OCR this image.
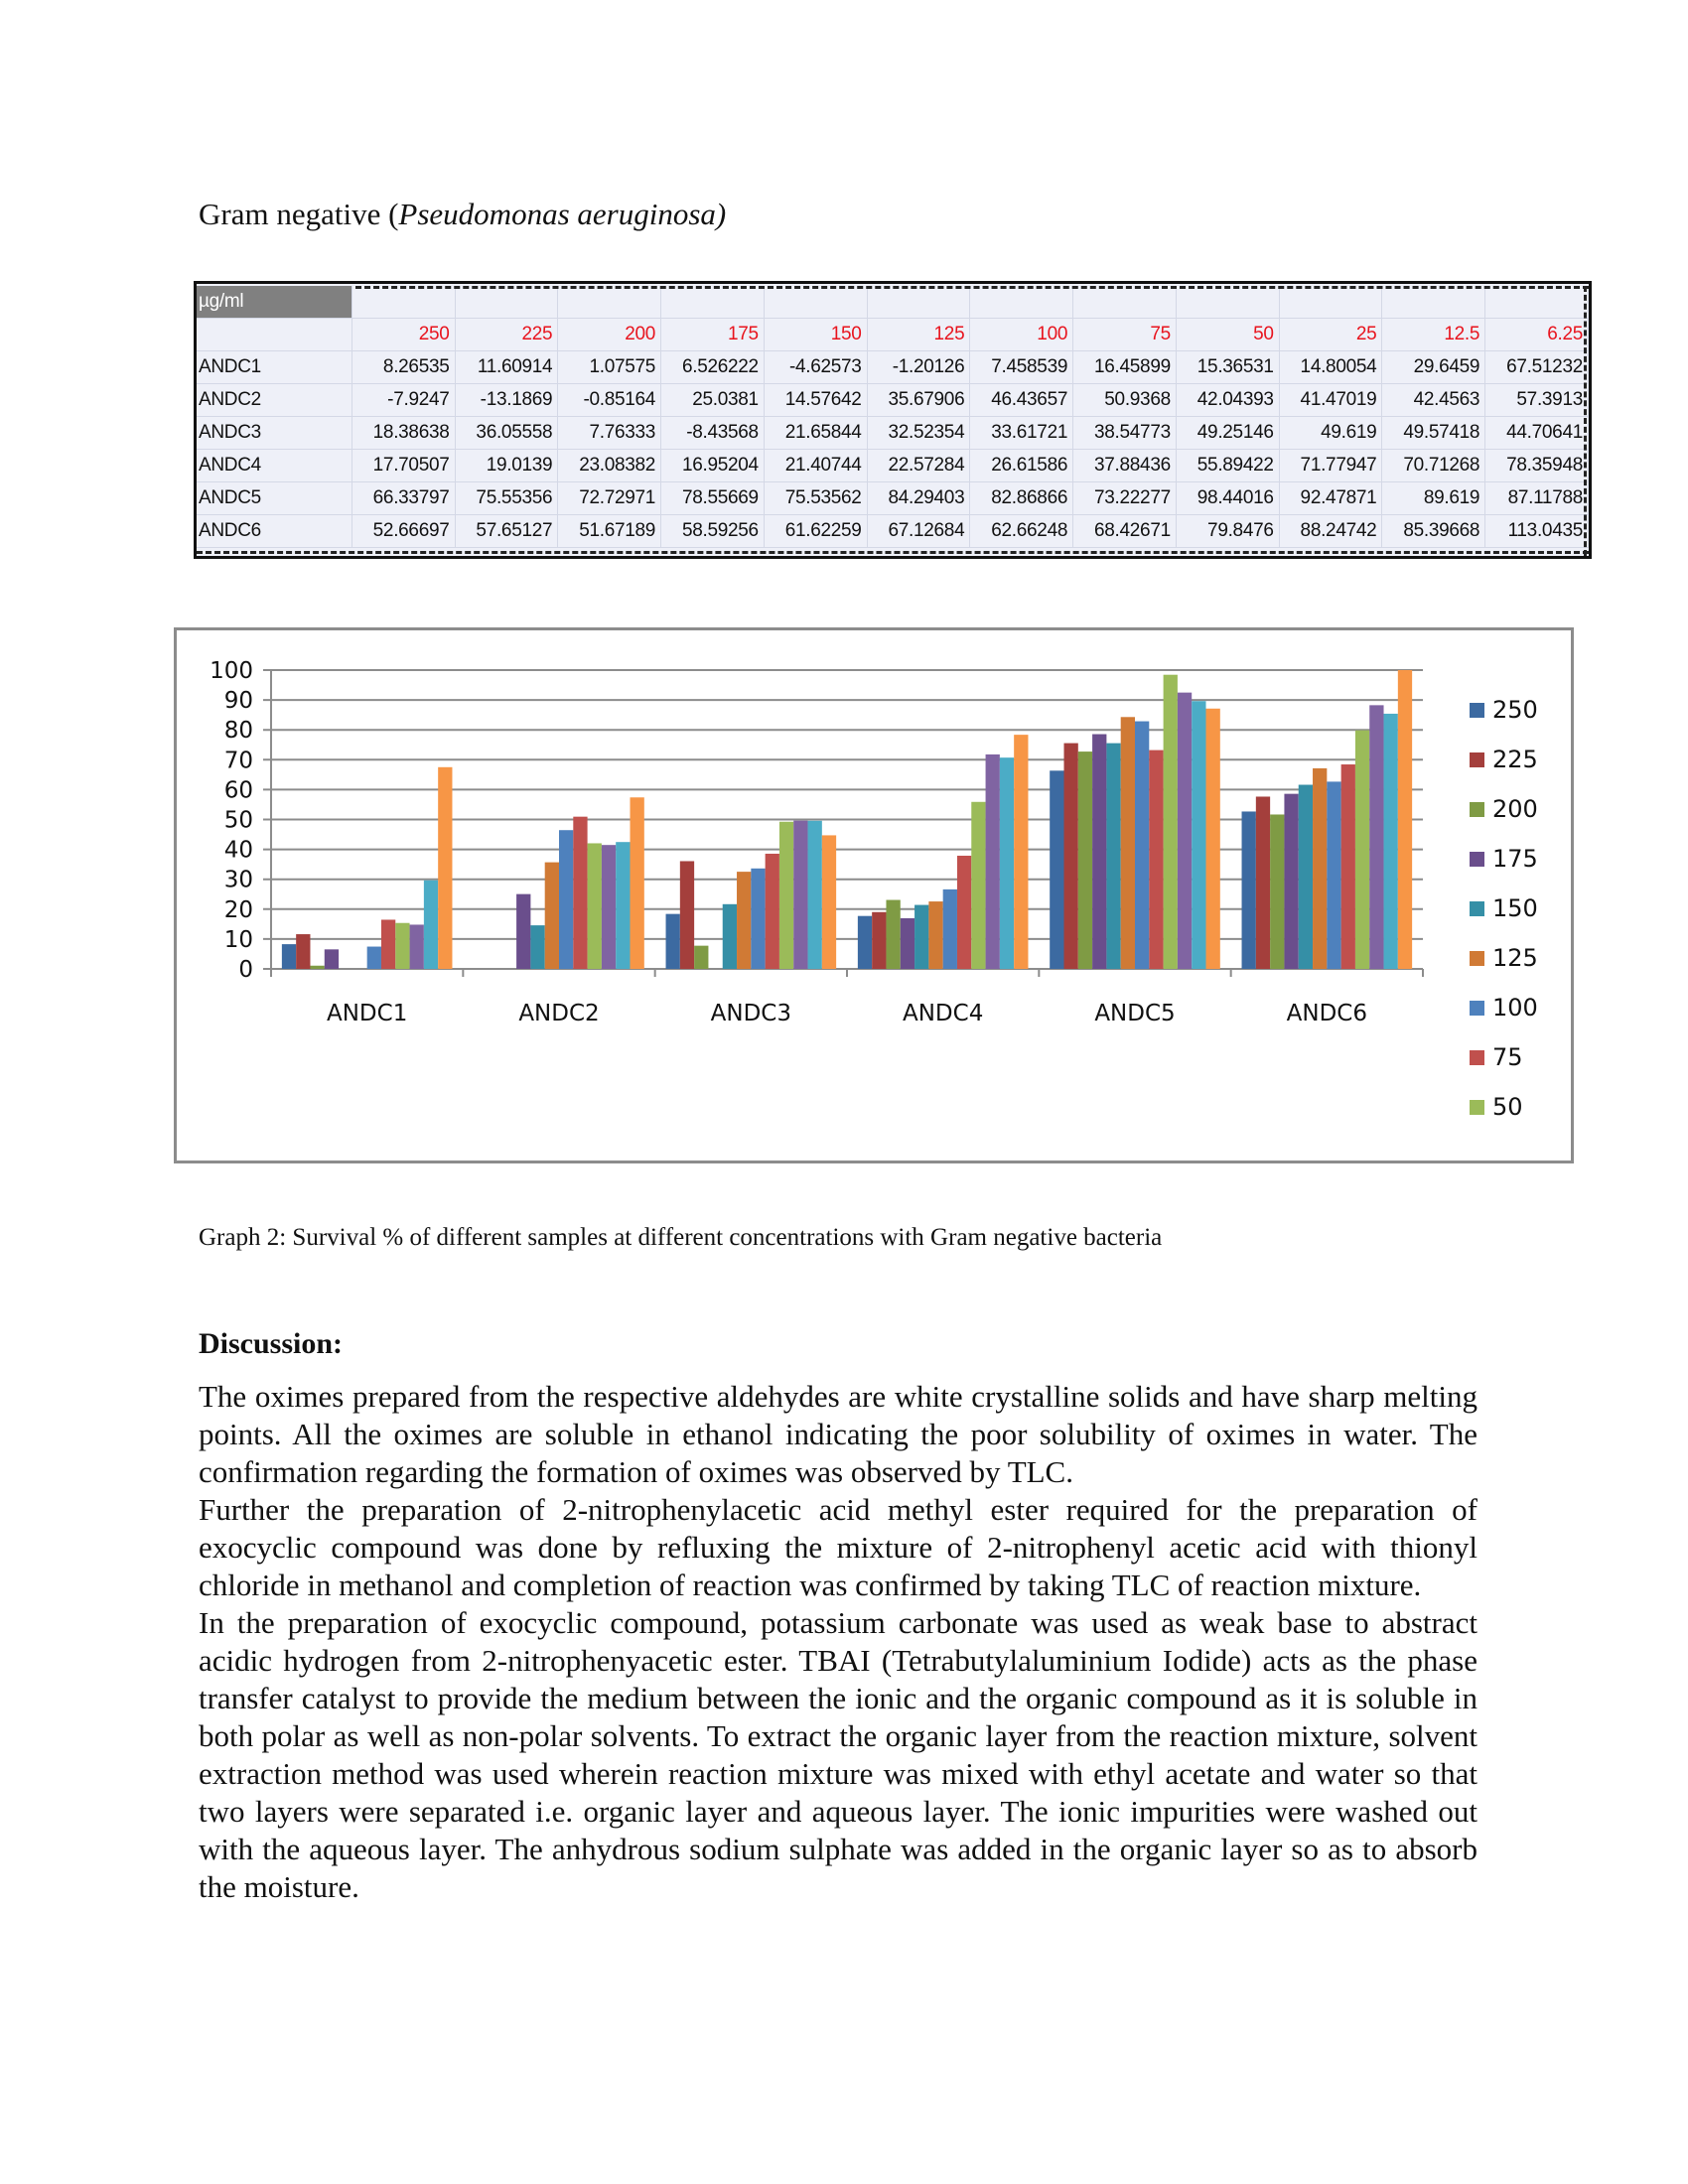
Gram negative (Pseudomonas aeruginosa)
µg/ml												
	250	225	200	175	150	125	100	75	50	25	12.5	6.25
ANDC1	8.26535	11.60914	1.07575	6.526222	-4.62573	-1.20126	7.458539	16.45899	15.36531	14.80054	29.6459	67.51232
ANDC2	-7.9247	-13.1869	-0.85164	25.0381	14.57642	35.67906	46.43657	50.9368	42.04393	41.47019	42.4563	57.3913
ANDC3	18.38638	36.05558	7.76333	-8.43568	21.65844	32.52354	33.61721	38.54773	49.25146	49.619	49.57418	44.70641
ANDC4	17.70507	19.0139	23.08382	16.95204	21.40744	22.57284	26.61586	37.88436	55.89422	71.77947	70.71268	78.35948
ANDC5	66.33797	75.55356	72.72971	78.55669	75.53562	84.29403	82.86866	73.22277	98.44016	92.47871	89.619	87.11788
ANDC6	52.66697	57.65127	51.67189	58.59256	61.62259	67.12684	62.66248	68.42671	79.8476	88.24742	85.39668	113.0435
0
10
20
30
40
50
60
70
80
90
100
ANDC1	ANDC2	ANDC3	ANDC4	ANDC5	ANDC6
250
225
200
175
150
125
100
75
50
Graph 2: Survival % of different samples at different concentrations with Gram negative bacteria
Discussion:

The oximes prepared from the respective aldehydes are white crystalline solids and have sharp melting points. All the oximes are soluble in ethanol indicating the poor solubility of oximes in water. The confirmation regarding the formation of oximes was observed by TLC.

Further the preparation of 2-nitrophenylacetic acid methyl ester required for the preparation of exocyclic compound was done by refluxing the mixture of 2-nitrophenyl acetic acid with thionyl chloride in methanol and completion of reaction was confirmed by taking TLC of reaction mixture.

In the preparation of exocyclic compound, potassium carbonate was used as weak base to abstract acidic hydrogen from 2-nitrophenyacetic ester. TBAI (Tetrabutylaluminium Iodide) acts as the phase transfer catalyst to provide the medium between the ionic and the organic compound as it is soluble in both polar as well as non-polar solvents. To extract the organic layer from the reaction mixture, solvent extraction method was used wherein reaction mixture was mixed with ethyl acetate and water so that two layers were separated i.e. organic layer and aqueous layer. The ionic impurities were washed out with the aqueous layer. The anhydrous sodium sulphate was added in the organic layer so as to absorb the moisture.
